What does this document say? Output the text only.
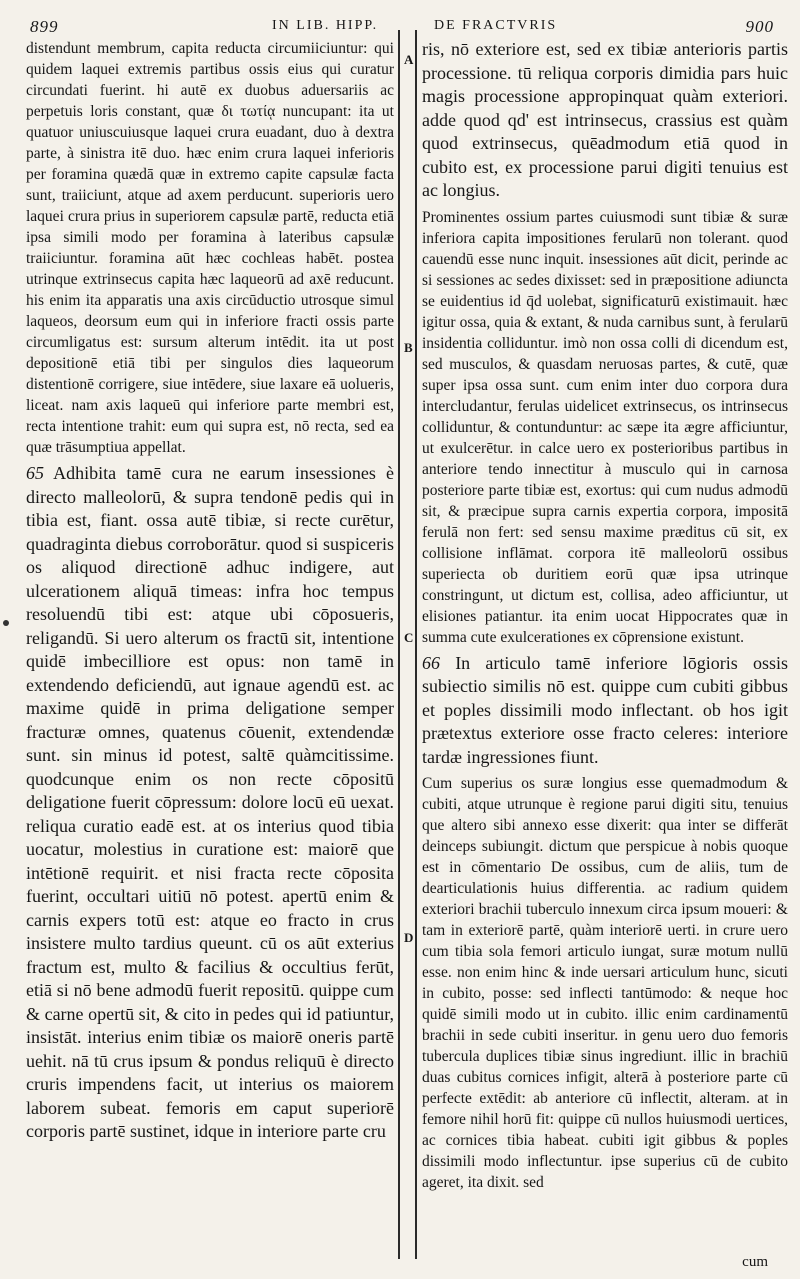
899	IN LIB. HIPP.	DE FRACTVRIS	900
A
B
C
D

distendunt membrum, capita reducta circumiiciuntur: qui quidem laquei extremis partibus ossis eius qui curatur circundati fuerint. hi autē ex duobus aduersariis ac perpetuis loris constant, quæ δι τωτίᾳ nuncupant: ita ut quatuor uniuscuiusque laquei crura euadant, duo à dextra parte, à sinistra itē duo. hæc enim crura laquei inferioris per foramina quædā quæ in extremo capite capsulæ facta sunt, traiiciunt, atque ad axem perducunt. superioris uero laquei crura prius in superiorem capsulæ partē, reducta etiā ipsa simili modo per foramina à lateribus capsulæ traiiciuntur. foramina aūt hæc cochleas habēt. postea utrinque extrinsecus capita hæc laqueorū ad axē reducunt. his enim ita apparatis una axis circūductio utrosque simul laqueos, deorsum eum qui in inferiore fracti ossis parte circumligatus est: sursum alterum intēdit. ita ut post depositionē etiā tibi per singulos dies laqueorum distentionē corrigere, siue intēdere, siue laxare eā uolueris, liceat. nam axis laqueū qui inferiore parte membri est, recta intentione trahit: eum qui supra est, nō recta, sed ea quæ trāsumptiua appellat.

65 Adhibita tamē cura ne earum insessiones è directo malleolorū, & supra tendonē pedis qui in tibia est, fiant. ossa autē tibiæ, si recte curētur, quadraginta diebus corroborātur. quod si suspiceris os aliquod directionē adhuc indigere, aut ulcerationem aliquā timeas: infra hoc tempus resoluendū tibi est: atque ubi cōposueris, religandū. Si uero alterum os fractū sit, intentione quidē imbecilliore est opus: non tamē in extendendo deficiendū, aut ignaue agendū est. ac maxime quidē in prima deligatione semper fracturæ omnes, quatenus cōuenit, extendendæ sunt. sin minus id potest, saltē quàmcitissime. quodcunque enim os non recte cōpositū deligatione fuerit cōpressum: dolore locū eū uexat. reliqua curatio eadē est. at os interius quod tibia uocatur, molestius in curatione est: maiorē que intētionē requirit. et nisi fracta recte cōposita fuerint, occultari uitiū nō potest. apertū enim & carnis expers totū est: atque eo fracto in crus insistere multo tardius queunt. cū os aūt exterius fractum est, multo & facilius & occultius ferūt, etiā si nō bene admodū fuerit repositū. quippe cum & carne opertū sit, & cito in pedes qui id patiuntur, insistāt. interius enim tibiæ os maiorē oneris partē uehit. nā tū crus ipsum & pondus reliquū è directo cruris impendens facit, ut interius os maiorem laborem subeat. femoris em caput superiorē corporis partē sustinet, idque in interiore parte cru

ris, nō exteriore est, sed ex tibiæ anterioris partis processione. tū reliqua corporis dimidia pars huic magis processione appropinquat quàm exteriori. adde quod qd' est intrinsecus, crassius est quàm quod extrinsecus, quēadmodum etiā quod in cubito est, ex processione parui digiti tenuius est ac longius.

Prominentes ossium partes cuiusmodi sunt tibiæ & suræ inferiora capita impositiones ferularū non tolerant. quod cauendū esse nunc inquit. insessiones aūt dicit, perinde ac si sessiones ac sedes dixisset: sed in præpositione adiuncta se euidentius id q̄d uolebat, significaturū existimauit. hæc igitur ossa, quia & extant, & nuda carnibus sunt, à ferularū insidentia colliduntur. imò non ossa colli di dicendum est, sed musculos, & quasdam neruosas partes, & cutē, quæ super ipsa ossa sunt. cum enim inter duo corpora dura intercludantur, ferulas uidelicet extrinsecus, os intrinsecus colliduntur, & contunduntur: ac sæpe ita ægre afficiuntur, ut exulcerētur. in calce uero ex posterioribus partibus in anteriore tendo innectitur à musculo qui in carnosa posteriore parte tibiæ est, exortus: qui cum nudus admodū sit, & præcipue supra carnis expertia corpora, impositā ferulā non fert: sed sensu maxime præditus cū sit, ex collisione inflāmat. corpora itē malleolorū ossibus superiecta ob duritiem eorū quæ ipsa utrinque constringunt, ut dictum est, collisa, adeo afficiuntur, ut elisiones patiantur. ita enim uocat Hippocrates quæ in summa cute exulcerationes ex cōprensione existunt.

66 In articulo tamē inferiore lōgioris ossis subiectio similis nō est. quippe cum cubiti gibbus et poples dissimili modo inflectant. ob hos igit prætextus exteriore osse fracto celeres: interiore tardæ ingressiones fiunt.

Cum superius os suræ longius esse quemadmodum & cubiti, atque utrunque è regione parui digiti situ, tenuius que altero sibi annexo esse dixerit: qua inter se differāt deinceps subiungit. dictum que perspicue à nobis quoque est in cōmentario De ossibus, cum de aliis, tum de dearticulationis huius differentia. ac radium quidem exteriori brachii tuberculo innexum circa ipsum moueri: & tam in exteriorē partē, quàm interiorē uerti. in crure uero cum tibia sola femori articulo iungat, suræ motum nullū esse. non enim hinc & inde uersari articulum hunc, sicuti in cubito, posse: sed inflecti tantūmodo: & neque hoc quidē simili modo ut in cubito. illic enim cardinamentū brachii in sede cubiti inseritur. in genu uero duo femoris tubercula duplices tibiæ sinus ingrediunt. illic in brachiū duas cubitus cornices infigit, alterā à posteriore parte cū perfecte extēdit: ab anteriore cū inflectit, alteram. at in femore nihil horū fit: quippe cū nullos huiusmodi uertices, ac cornices tibia habeat. cubiti igit gibbus & poples dissimili modo inflectuntur. ipse superius cū de cubito ageret, ita dixit. sed

cum
